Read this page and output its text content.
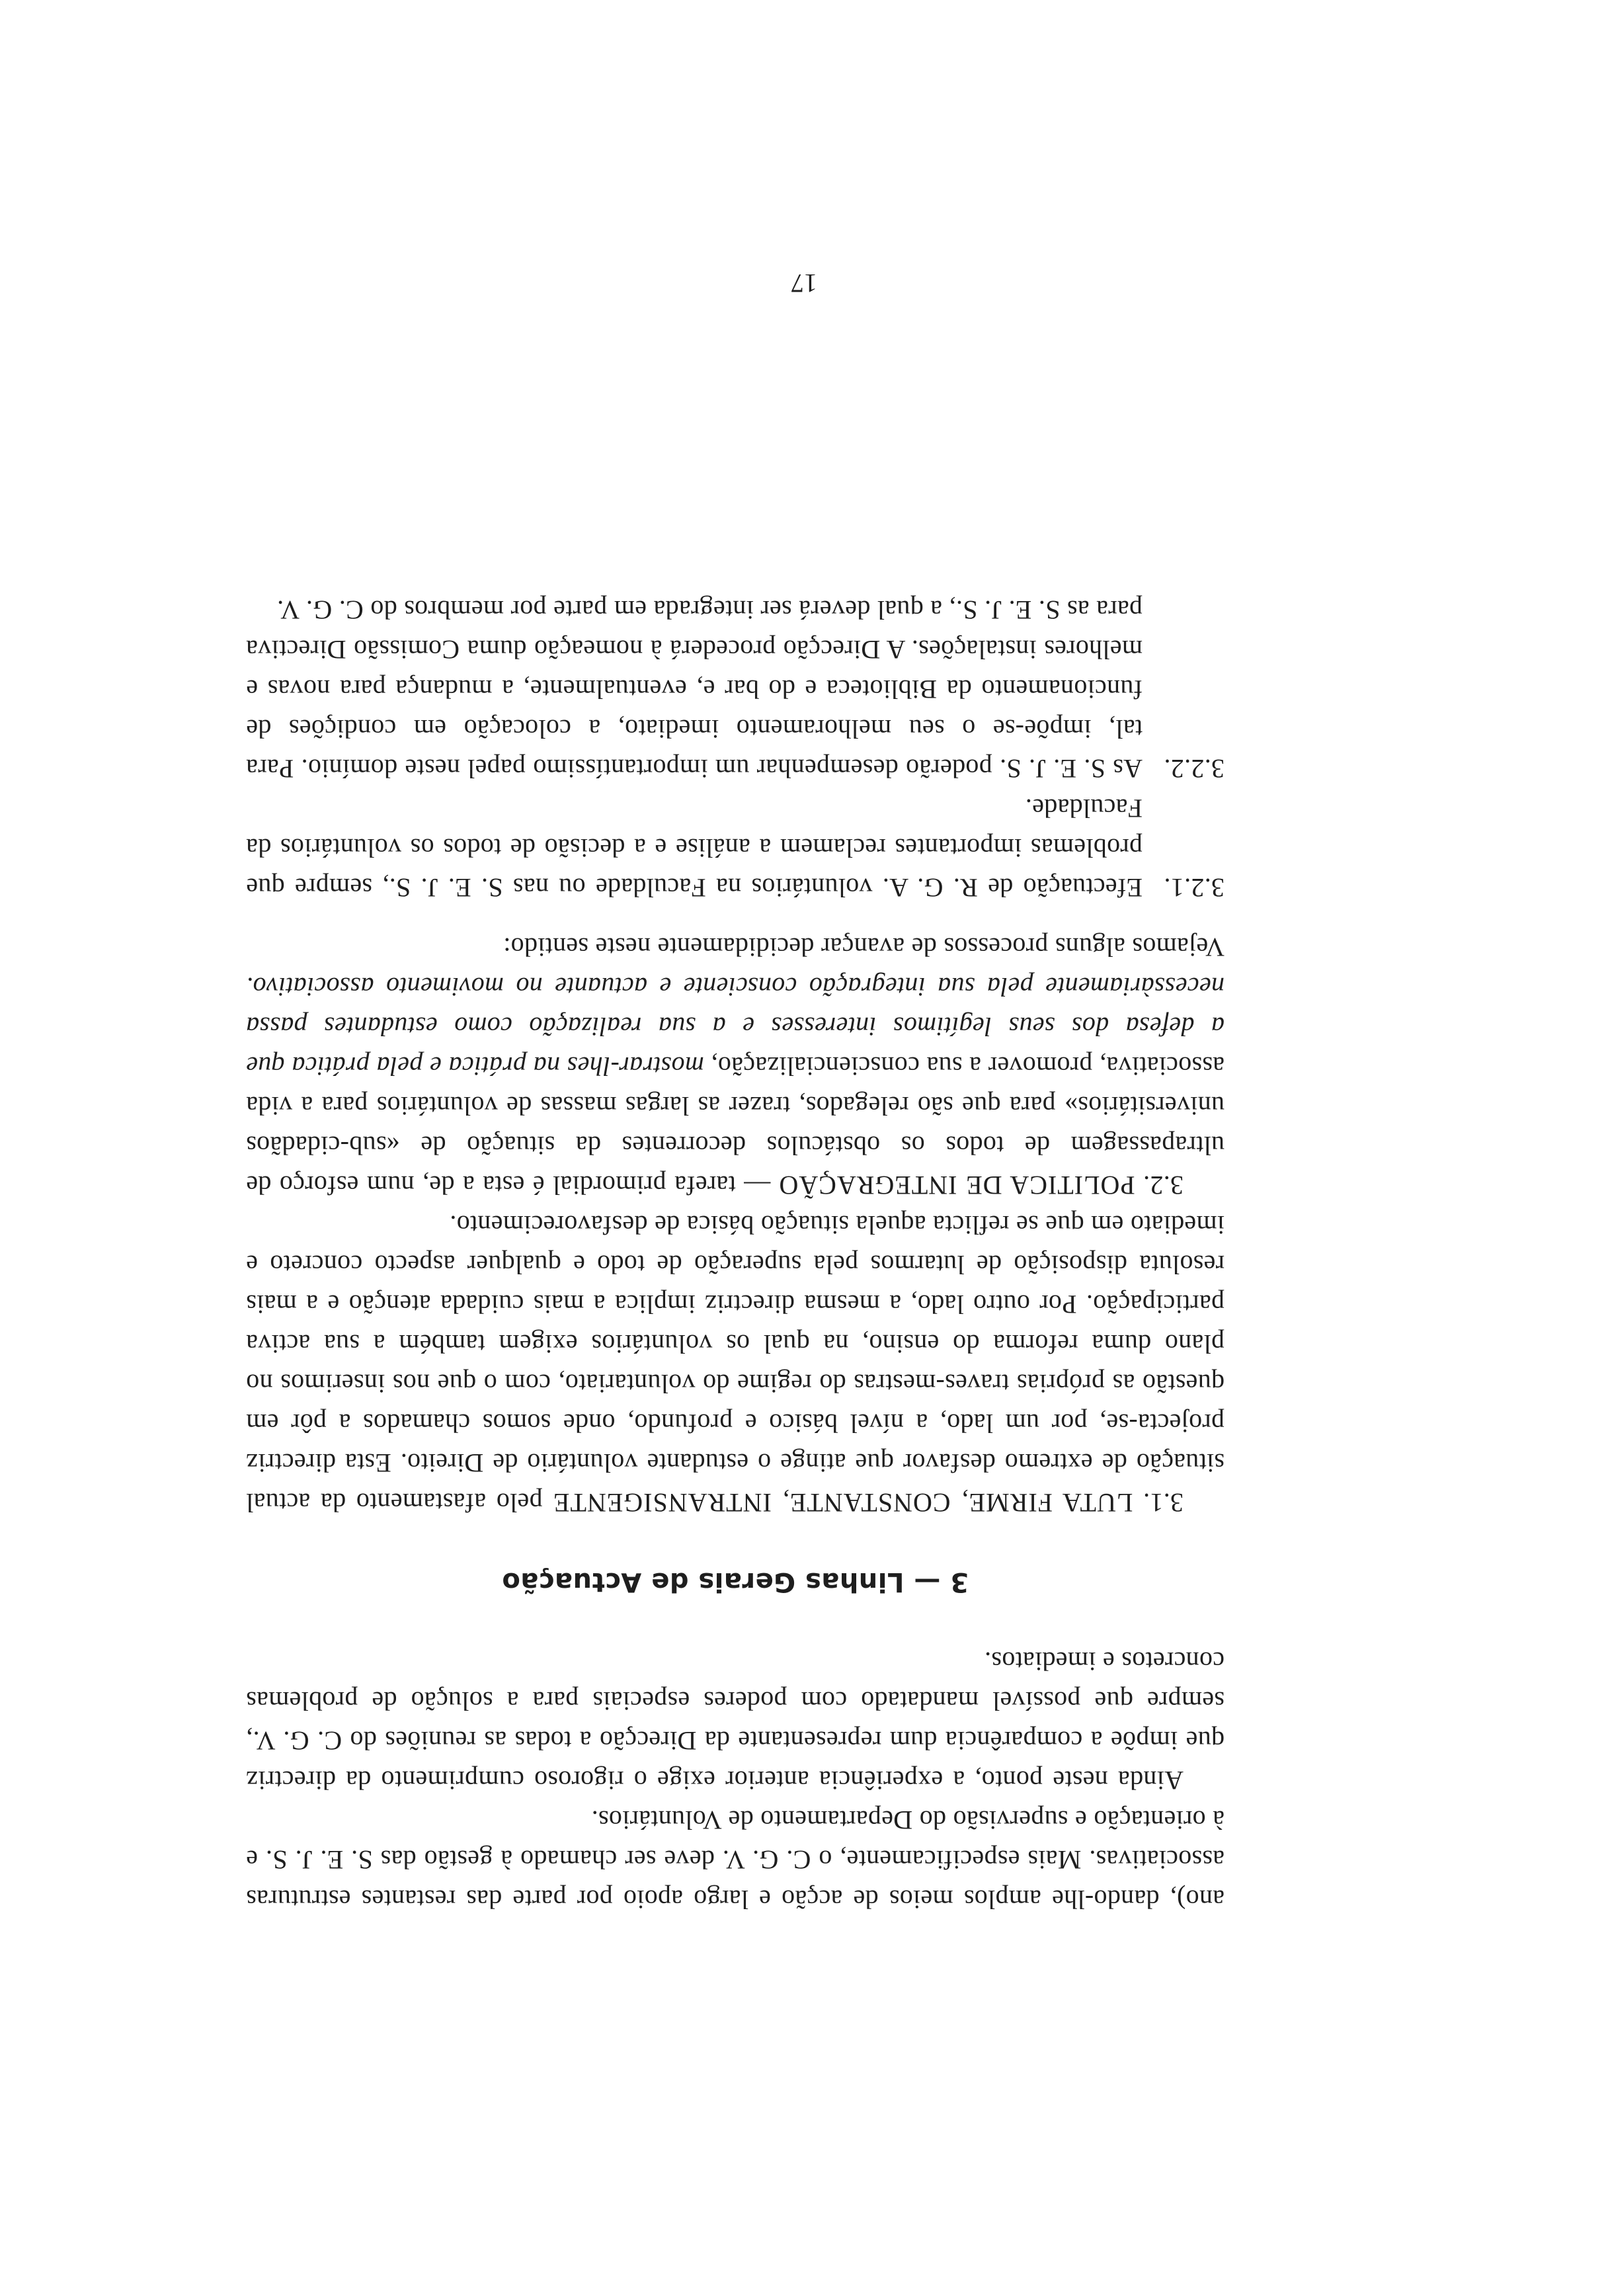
ano), dando-lhe amplos meios de acção e largo apoio por parte das restantes estruturas associativas. Mais especificamente, o C. G. V. deve ser chamado à gestão das S. E. J. S. e à orientação e supervisão do Departamento de Voluntários.

Ainda neste ponto, a experiência anterior exige o rigoroso cumprimento da directriz que impõe a comparência dum representante da Direcção a todas as reuniões do C. G. V., sempre que possível mandatado com poderes especiais para a solução de problemas concretos e imediatos.

3 — Linhas Gerais de Actuação

3.1. LUTA FIRME, CONSTANTE, INTRANSIGENTE pelo afastamento da actual situação de extremo desfavor que atinge o estudante voluntário de Direito. Esta directriz projecta-se, por um lado, a nível básico e profundo, onde somos chamados a pôr em questão as próprias traves-mestras do regime do voluntariato, com o que nos inserimos no plano duma reforma do ensino, na qual os voluntários exigem também a sua activa participação. Por outro lado, a mesma directriz implica a mais cuidada atenção e a mais resoluta disposição de lutarmos pela superação de todo e qualquer aspecto concreto e imediato em que se reflicta aquela situação básica de desfavorecimento.

3.2. POLITICA DE INTEGRAÇÃO — tarefa primordial é esta a de, num esforço de ultrapassagem de todos os obstáculos decorrentes da situação de «sub-cidadãos universitários» para que são relegados, trazer as largas massas de voluntários para a vida associativa, promover a sua consciencialização, mostrar-lhes na prática e pela prática que a defesa dos seus legítimos interesses e a sua realização como estudantes passa necessàriamente pela sua integração consciente e actuante no movimento associativo. Vejamos alguns processos de avançar decididamente neste sentido:

3.2.1.Efectuação de R. G. A. voluntários na Faculdade ou nas S. E. J. S., sempre que problemas importantes reclamem a análise e a decisão de todos os voluntários da Faculdade.

3.2.2.As S. E. J. S. poderão desempenhar um importantíssimo papel neste domínio. Para tal, impõe-se o seu melhoramento imediato, a colocação em condições de funcionamento da Biblioteca e do bar e, eventualmente, a mudança para novas e melhores instalações. A Direcção procederá à nomeação duma Comissão Directiva para as S. E. J. S., a qual deverá ser integrada em parte por membros do C. G. V.

17
